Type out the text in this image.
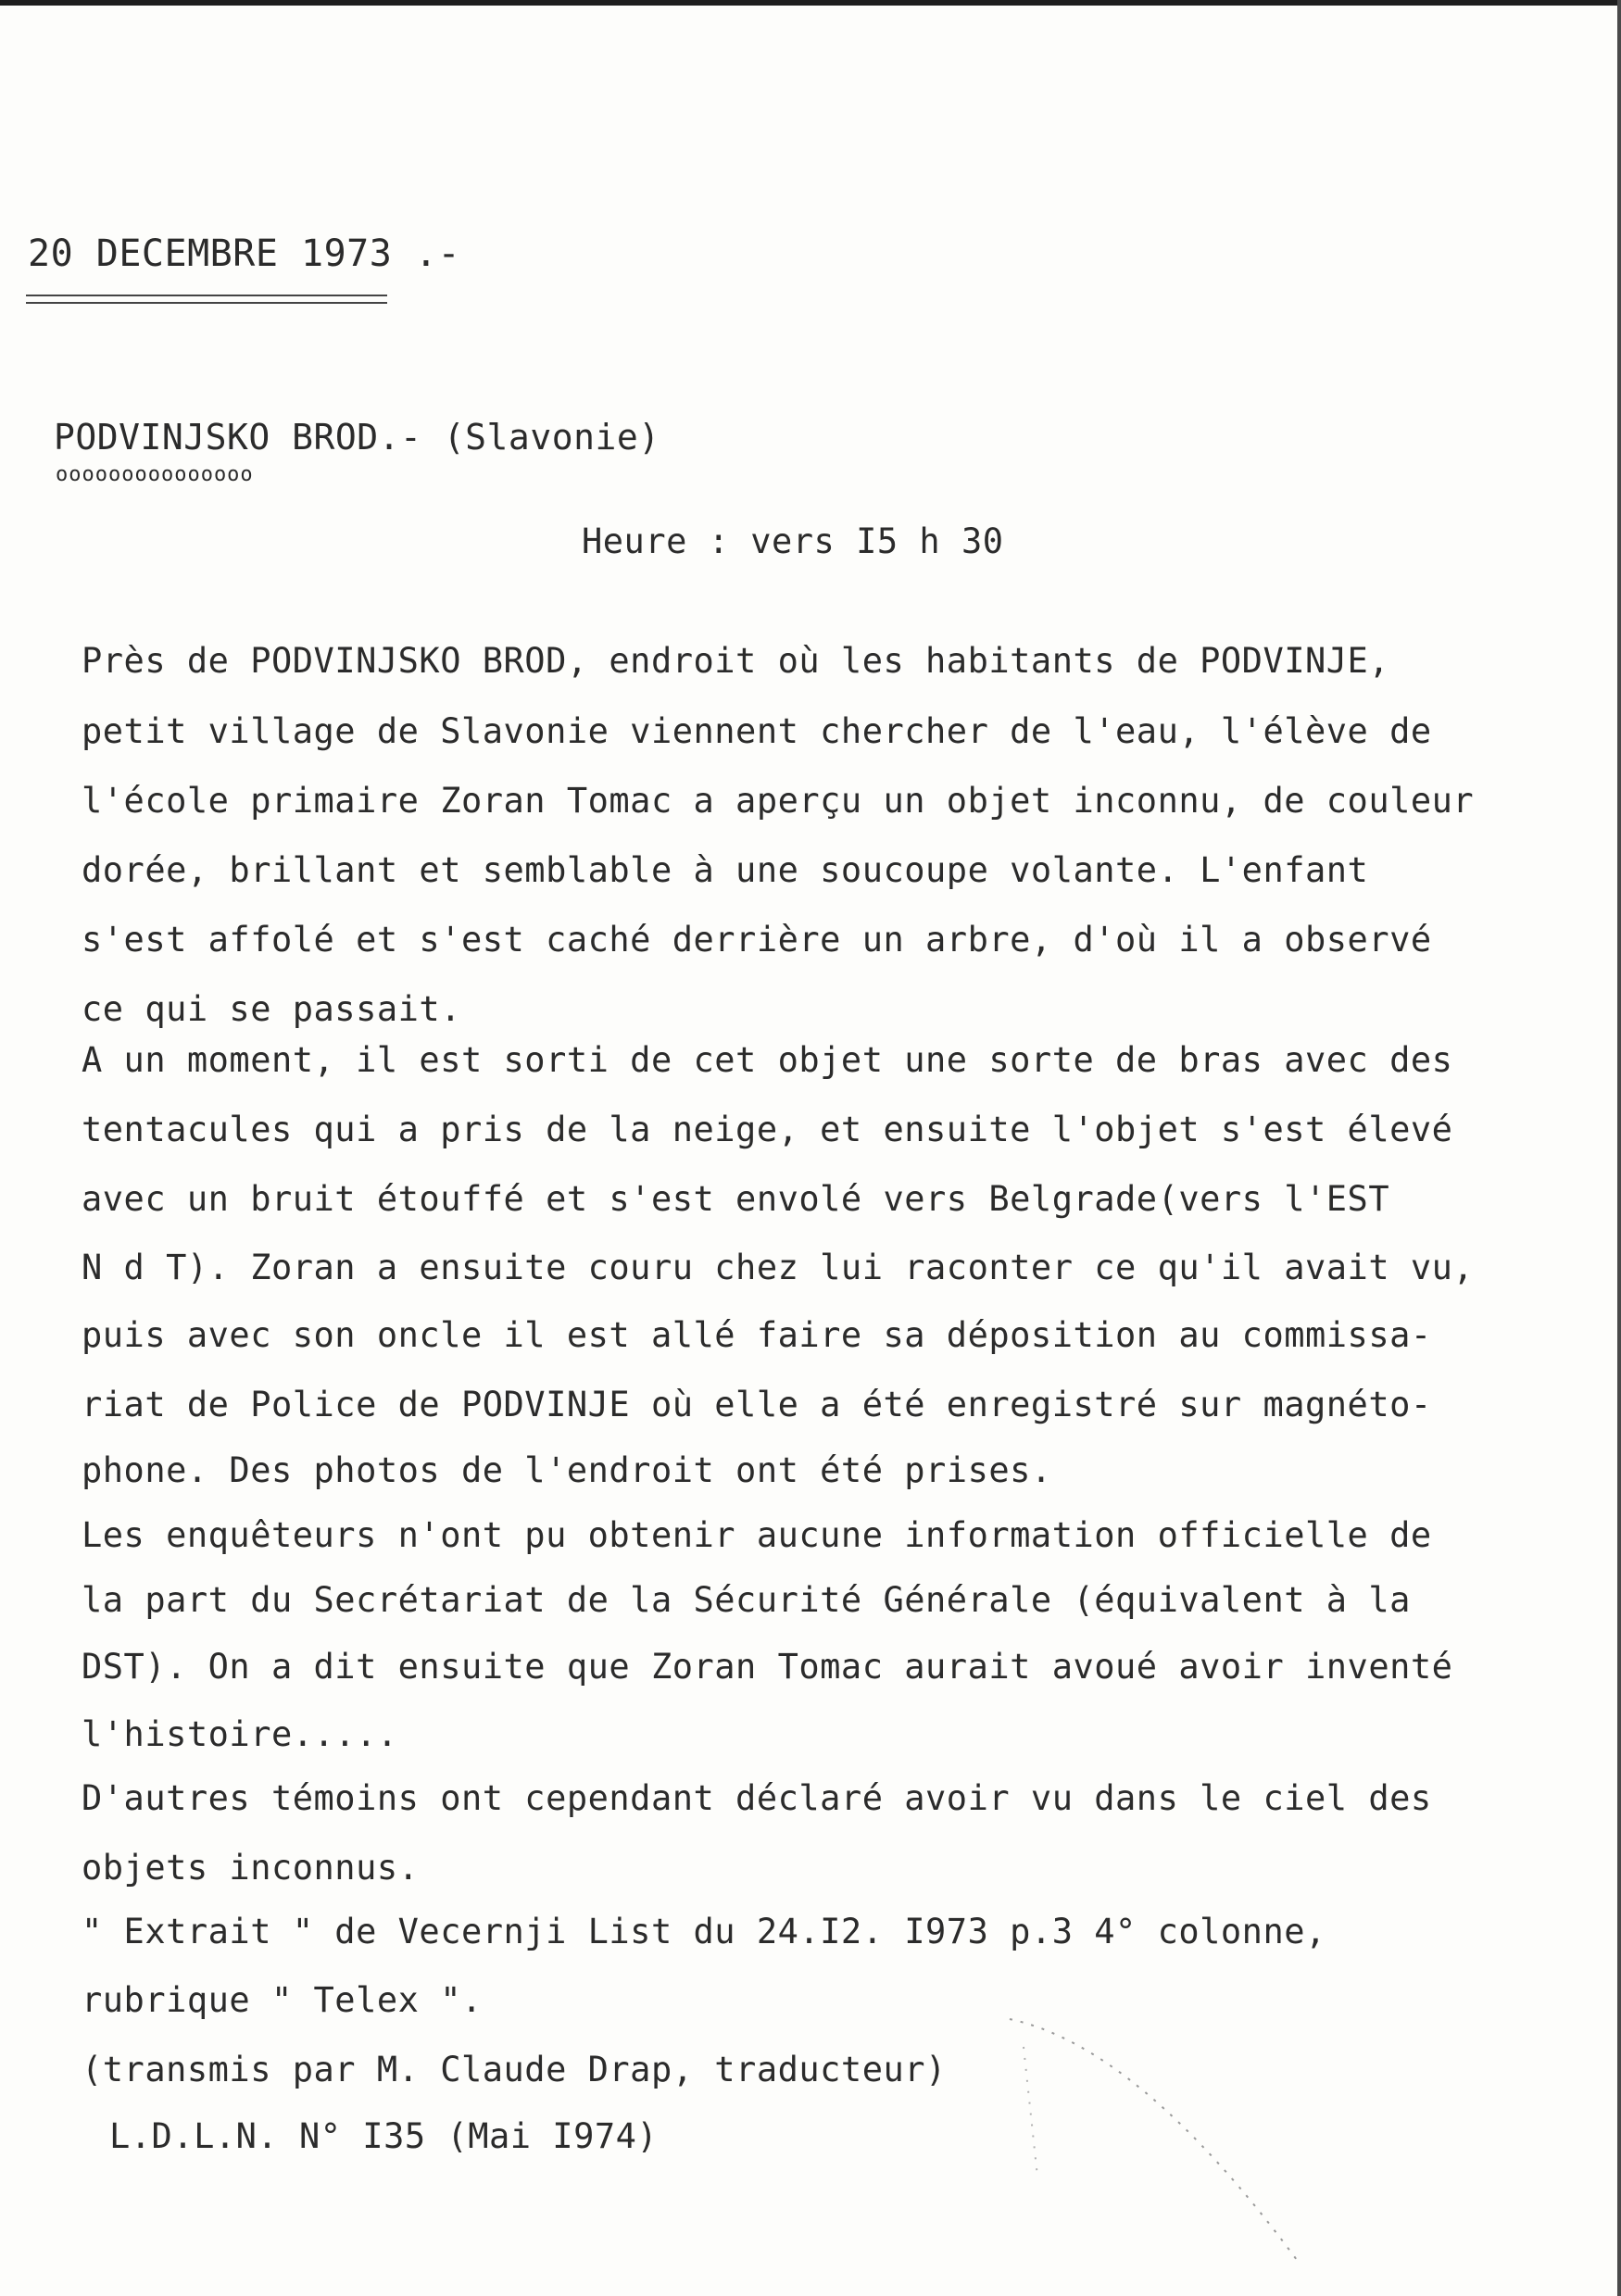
20 DECEMBRE 1973 .-
PODVINJSKO BROD.- (Slavonie)
ooooooooooooooo
Heure : vers I5 h 30
Près de PODVINJSKO BROD, endroit où les habitants de PODVINJE,
petit village de Slavonie viennent chercher de l'eau, l'élève de
l'école primaire Zoran Tomac a aperçu un objet inconnu, de couleur
dorée, brillant et semblable à une soucoupe volante. L'enfant
s'est affolé et s'est caché derrière un arbre, d'où il a observé
ce qui se passait.
A un moment, il est sorti de cet objet une sorte de bras avec des
tentacules qui a pris de la neige, et ensuite l'objet s'est élevé
avec un bruit étouffé et s'est envolé vers Belgrade(vers l'EST
N d T). Zoran a ensuite couru chez lui raconter ce qu'il avait vu,
puis avec son oncle il est allé faire sa déposition au commissa-
riat de Police de PODVINJE où elle a été enregistré sur magnéto-
phone. Des photos de l'endroit ont été prises.
Les enquêteurs n'ont pu obtenir aucune information officielle de
la part du Secrétariat de la Sécurité Générale (équivalent à la
DST). On a dit ensuite que Zoran Tomac aurait avoué avoir inventé
l'histoire.....
D'autres témoins ont cependant déclaré avoir vu dans le ciel des
objets inconnus.
" Extrait " de Vecernji List du 24.I2. I973 p.3 4° colonne,
rubrique " Telex ".
(transmis par M. Claude Drap, traducteur)
L.D.L.N. N° I35 (Mai I974)
